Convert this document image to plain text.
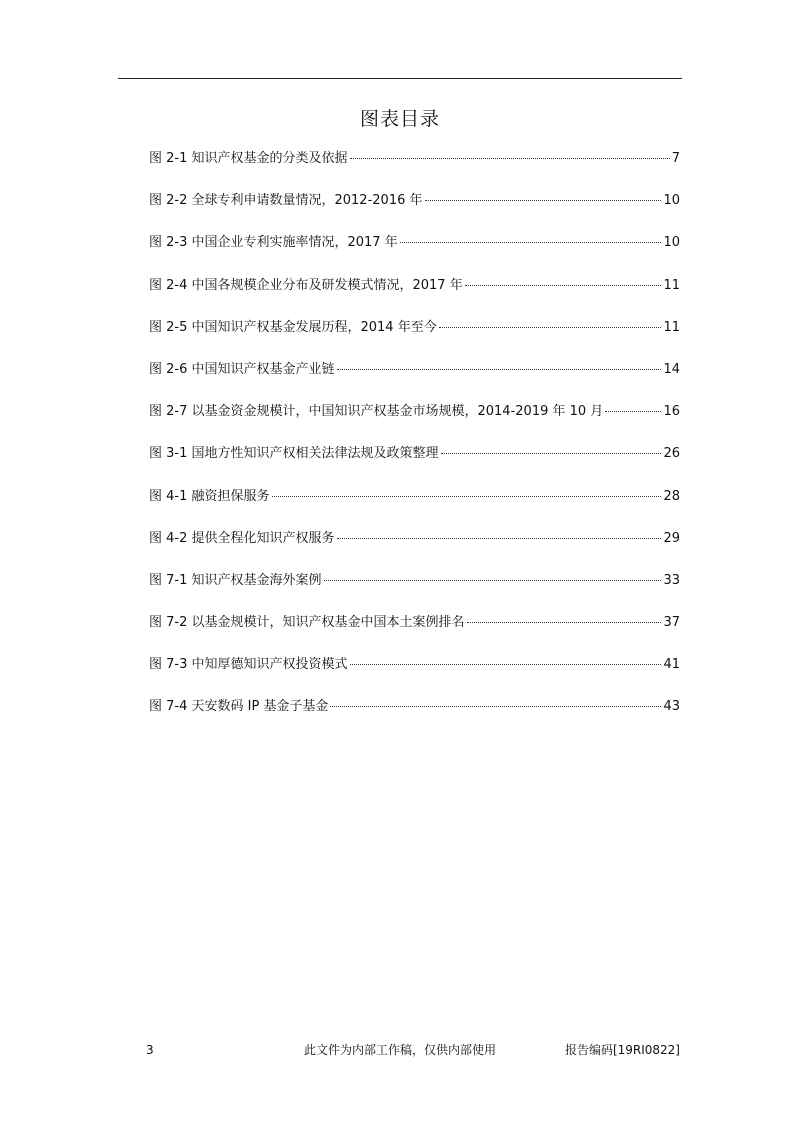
图表目录
图 2-1 知识产权基金的分类及依据	7
图 2-2 全球专利申请数量情况，2012-2016 年	10
图 2-3 中国企业专利实施率情况，2017 年	10
图 2-4 中国各规模企业分布及研发模式情况，2017 年	11
图 2-5 中国知识产权基金发展历程，2014 年至今	11
图 2-6 中国知识产权基金产业链	14
图 2-7 以基金资金规模计，中国知识产权基金市场规模，2014-2019 年 10 月	16
图 3-1 国地方性知识产权相关法律法规及政策整理	26
图 4-1 融资担保服务	28
图 4-2 提供全程化知识产权服务	29
图 7-1 知识产权基金海外案例	33
图 7-2 以基金规模计，知识产权基金中国本土案例排名	37
图 7-3 中知厚德知识产权投资模式	41
图 7-4 天安数码 IP 基金子基金	43
3	此文件为内部工作稿，仅供内部使用	报告编码[19RI0822]
